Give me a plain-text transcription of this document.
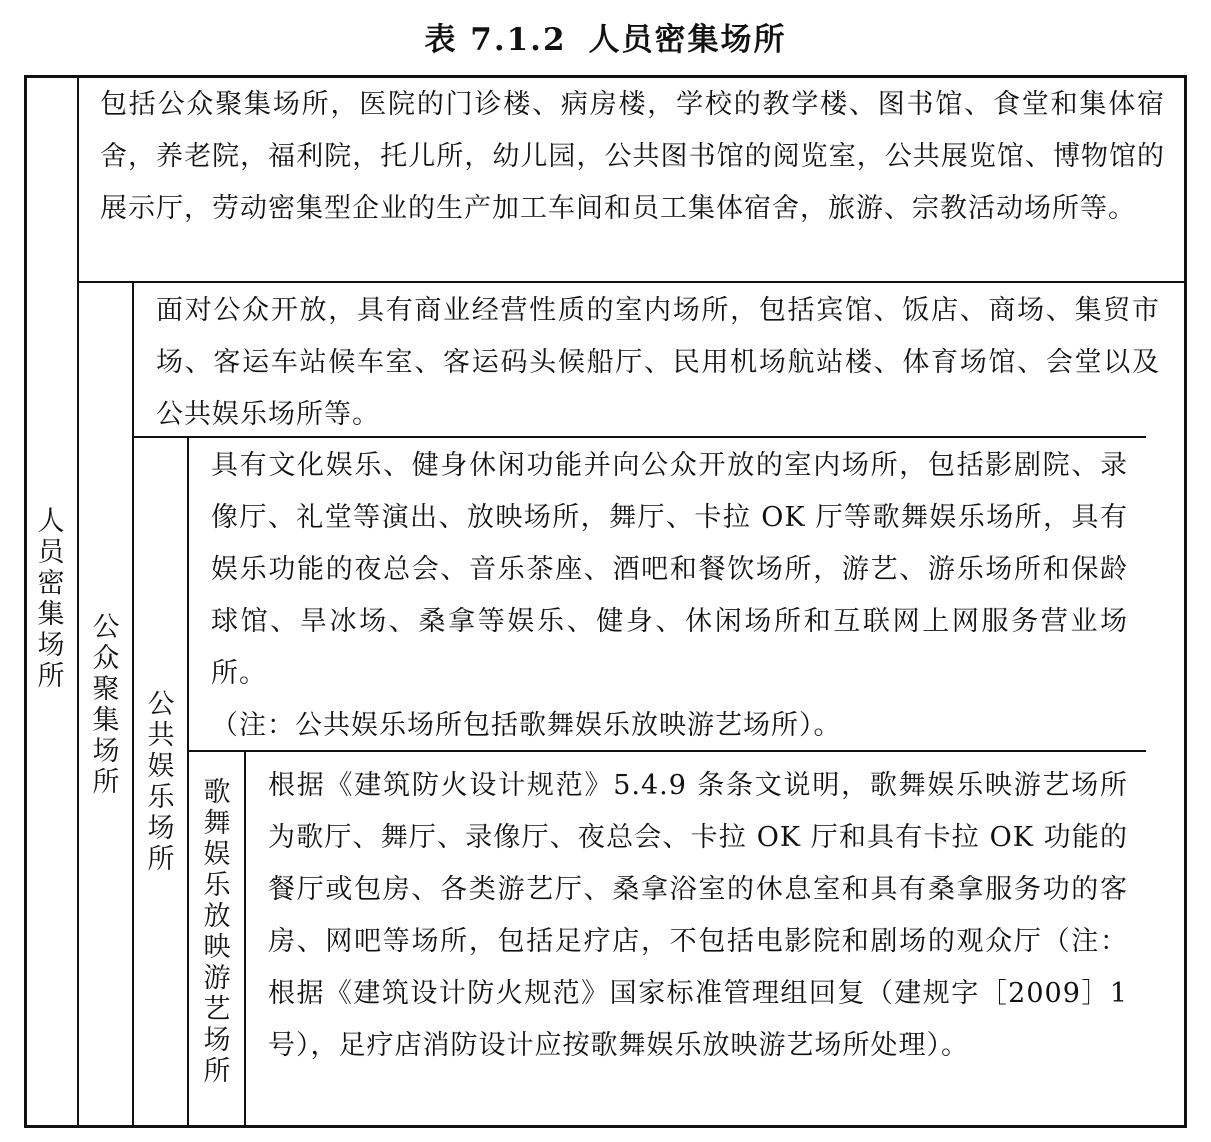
表 7.1.2 人员密集场所
人
员
密
集
场
所
公
众
聚
集
场
所
公
共
娱
乐
场
所
歌
舞
娱
乐
放
映
游
艺
场
所

包括公众聚集场所，医院的门诊楼、病房楼，学校的教学楼、图书馆、食堂和集体宿舍，养老院，福利院，托儿所，幼儿园，公共图书馆的阅览室，公共展览馆、博物馆的展示厅，劳动密集型企业的生产加工车间和员工集体宿舍，旅游、宗教活动场所等。

面对公众开放，具有商业经营性质的室内场所，包括宾馆、饭店、商场、集贸市场、客运车站候车室、客运码头候船厅、民用机场航站楼、体育场馆、会堂以及公共娱乐场所等。

具有文化娱乐、健身休闲功能并向公众开放的室内场所，包括影剧院、录像厅、礼堂等演出、放映场所，舞厅、卡拉 OK 厅等歌舞娱乐场所，具有娱乐功能的夜总会、音乐茶座、酒吧和餐饮场所，游艺、游乐场所和保龄球馆、旱冰场、桑拿等娱乐、健身、休闲场所和互联网上网服务营业场所。

（注：公共娱乐场所包括歌舞娱乐放映游艺场所）。

根据《建筑防火设计规范》5.4.9 条条文说明，歌舞娱乐映游艺场所为歌厅、舞厅、录像厅、夜总会、卡拉 OK 厅和具有卡拉 OK 功能的餐厅或包房、各类游艺厅、桑拿浴室的休息室和具有桑拿服务功的客房、网吧等场所，包括足疗店，不包括电影院和剧场的观众厅（注：根据《建筑设计防火规范》国家标准管理组回复（建规字［2009］1 号），足疗店消防设计应按歌舞娱乐放映游艺场所处理）。
